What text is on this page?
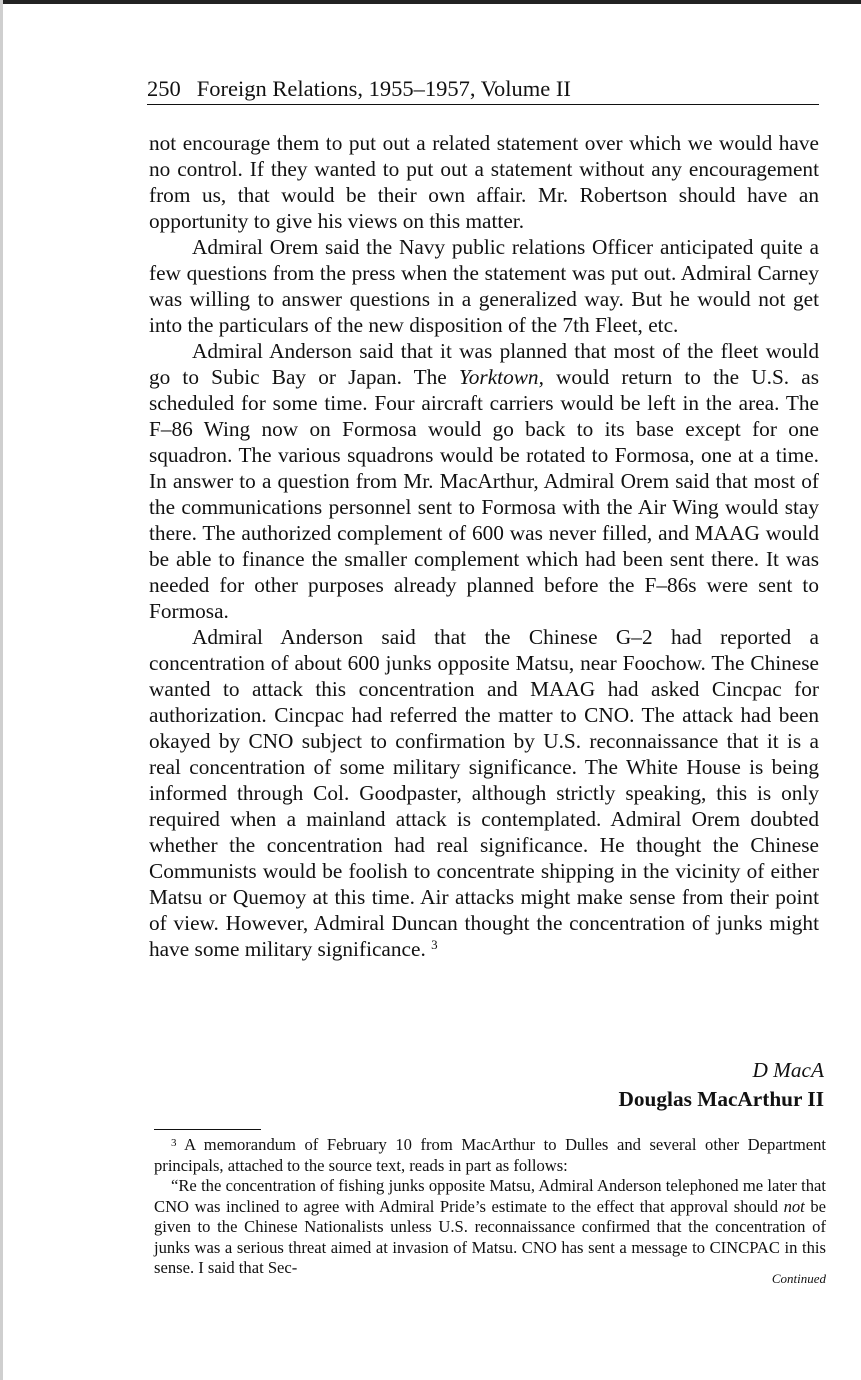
250 Foreign Relations, 1955–1957, Volume II

not encourage them to put out a related statement over which we would have no control. If they wanted to put out a statement without any encouragement from us, that would be their own affair. Mr. Robertson should have an opportunity to give his views on this matter.

Admiral Orem said the Navy public relations Officer anticipated quite a few questions from the press when the statement was put out. Admiral Carney was willing to answer questions in a generalized way. But he would not get into the particulars of the new disposition of the 7th Fleet, etc.

Admiral Anderson said that it was planned that most of the fleet would go to Subic Bay or Japan. The Yorktown, would return to the U.S. as scheduled for some time. Four aircraft carriers would be left in the area. The F–86 Wing now on Formosa would go back to its base except for one squadron. The various squadrons would be rotated to Formosa, one at a time. In answer to a question from Mr. MacArthur, Admiral Orem said that most of the communications personnel sent to Formosa with the Air Wing would stay there. The authorized complement of 600 was never filled, and MAAG would be able to finance the smaller complement which had been sent there. It was needed for other purposes already planned before the F–86s were sent to Formosa.

Admiral Anderson said that the Chinese G–2 had reported a concentration of about 600 junks opposite Matsu, near Foochow. The Chinese wanted to attack this concentration and MAAG had asked Cincpac for authorization. Cincpac had referred the matter to CNO. The attack had been okayed by CNO subject to confirmation by U.S. reconnaissance that it is a real concentration of some military significance. The White House is being informed through Col. Goodpaster, although strictly speaking, this is only required when a mainland attack is contemplated. Admiral Orem doubted whether the concentration had real significance. He thought the Chinese Communists would be foolish to concentrate shipping in the vicinity of either Matsu or Quemoy at this time. Air attacks might make sense from their point of view. However, Admiral Duncan thought the concentration of junks might have some military significance. $^3$

D MacA
Douglas MacArthur II

$^3$ A memorandum of February 10 from MacArthur to Dulles and several other Department principals, attached to the source text, reads in part as follows:

“Re the concentration of fishing junks opposite Matsu, Admiral Anderson telephoned me later that CNO was inclined to agree with Admiral Pride’s estimate to the effect that approval should not be given to the Chinese Nationalists unless U.S. reconnaissance confirmed that the concentration of junks was a serious threat aimed at invasion of Matsu. CNO has sent a message to CINCPAC in this sense. I said that Sec-

Continued
